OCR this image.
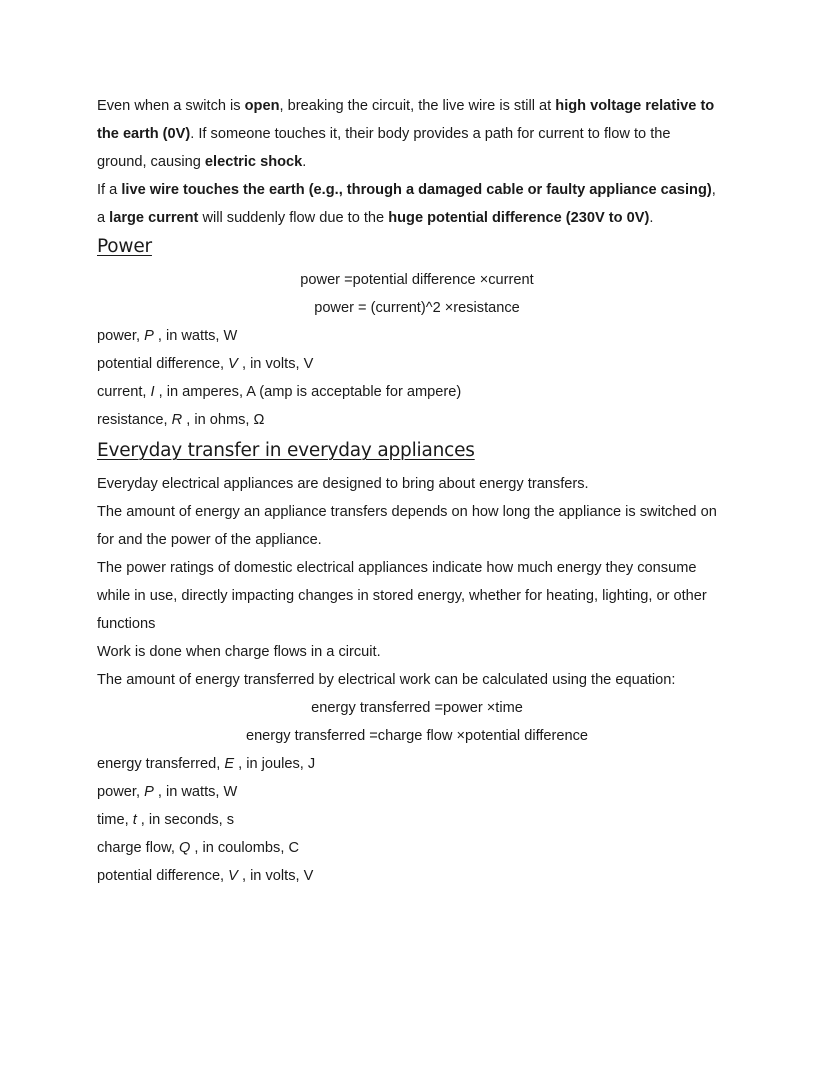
Even when a switch is open, breaking the circuit, the live wire is still at high voltage relative to
the earth (0V). If someone touches it, their body provides a path for current to flow to the
ground, causing electric shock.
If a live wire touches the earth (e.g., through a damaged cable or faulty appliance casing),
a large current will suddenly flow due to the huge potential difference (230V to 0V).
Power
power =potential difference ×current
power = (current)^2 ×resistance
power, P , in watts, W
potential difference, V , in volts, V
current, I , in amperes, A (amp is acceptable for ampere)
resistance, R , in ohms, Ω
Everyday transfer in everyday appliances
Everyday electrical appliances are designed to bring about energy transfers.
The amount of energy an appliance transfers depends on how long the appliance is switched on
for and the power of the appliance.
The power ratings of domestic electrical appliances indicate how much energy they consume
while in use, directly impacting changes in stored energy, whether for heating, lighting, or other
functions
Work is done when charge flows in a circuit.
The amount of energy transferred by electrical work can be calculated using the equation:
energy transferred =power ×time
energy transferred =charge flow ×potential difference
energy transferred, E , in joules, J
power, P , in watts, W
time, t , in seconds, s
charge flow, Q , in coulombs, C
potential difference, V , in volts, V
